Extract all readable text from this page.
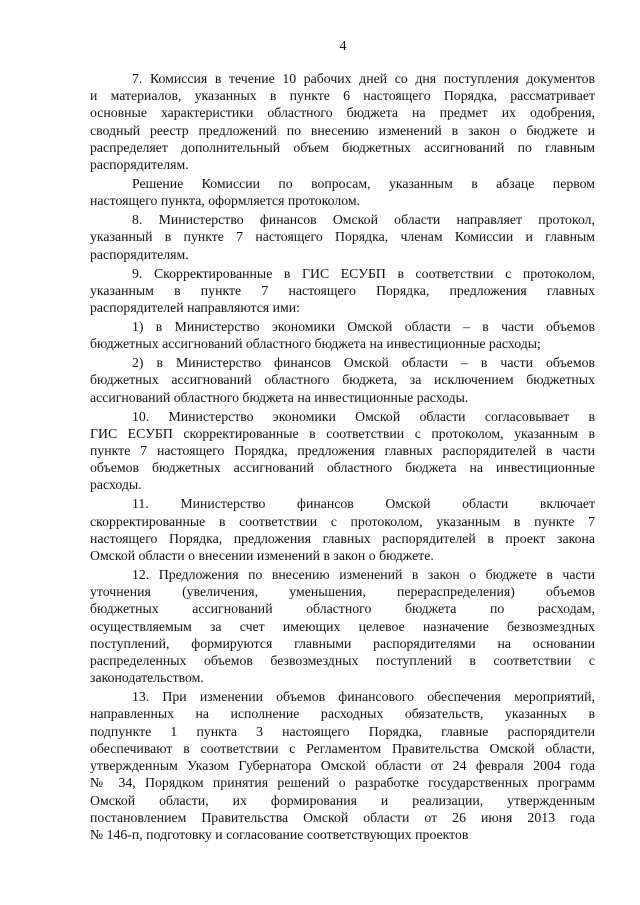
4
7. Комиссия в течение 10 рабочих дней со дня поступления документов
и материалов, указанных в пункте 6 настоящего Порядка, рассматривает
основные характеристики областного бюджета на предмет их одобрения,
сводный реестр предложений по внесению изменений в закон о бюджете и
распределяет дополнительный объем бюджетных ассигнований по главным
распорядителям.
Решение Комиссии по вопросам, указанным в абзаце первом
настоящего пункта, оформляется протоколом.
8. Министерство финансов Омской области направляет протокол,
указанный в пункте 7 настоящего Порядка, членам Комиссии и главным
распорядителям.
9. Скорректированные в ГИС ЕСУБП в соответствии с протоколом,
указанным в пункте 7 настоящего Порядка, предложения главных
распорядителей направляются ими:
1) в Министерство экономики Омской области – в части объемов
бюджетных ассигнований областного бюджета на инвестиционные расходы;
2) в Министерство финансов Омской области – в части объемов
бюджетных ассигнований областного бюджета, за исключением бюджетных
ассигнований областного бюджета на инвестиционные расходы.
10. Министерство экономики Омской области согласовывает в
ГИС ЕСУБП скорректированные в соответствии с протоколом, указанным в
пункте 7 настоящего Порядка, предложения главных распорядителей в части
объемов бюджетных ассигнований областного бюджета на инвестиционные
расходы.
11. Министерство финансов Омской области включает
скорректированные в соответствии с протоколом, указанным в пункте 7
настоящего Порядка, предложения главных распорядителей в проект закона
Омской области о внесении изменений в закон о бюджете.
12. Предложения по внесению изменений в закон о бюджете в части
уточнения (увеличения, уменьшения, перераспределения) объемов
бюджетных ассигнований областного бюджета по расходам,
осуществляемым за счет имеющих целевое назначение безвозмездных
поступлений, формируются главными распорядителями на основании
распределенных объемов безвозмездных поступлений в соответствии с
законодательством.
13. При изменении объемов финансового обеспечения мероприятий,
направленных на исполнение расходных обязательств, указанных в
подпункте 1 пункта 3 настоящего Порядка, главные распорядители
обеспечивают в соответствии с Регламентом Правительства Омской области,
утвержденным Указом Губернатора Омской области от 24 февраля 2004 года
№ 34, Порядком принятия решений о разработке государственных программ
Омской области, их формирования и реализации, утвержденным
постановлением Правительства Омской области от 26 июня 2013 года
№ 146-п, подготовку и согласование соответствующих проектов
